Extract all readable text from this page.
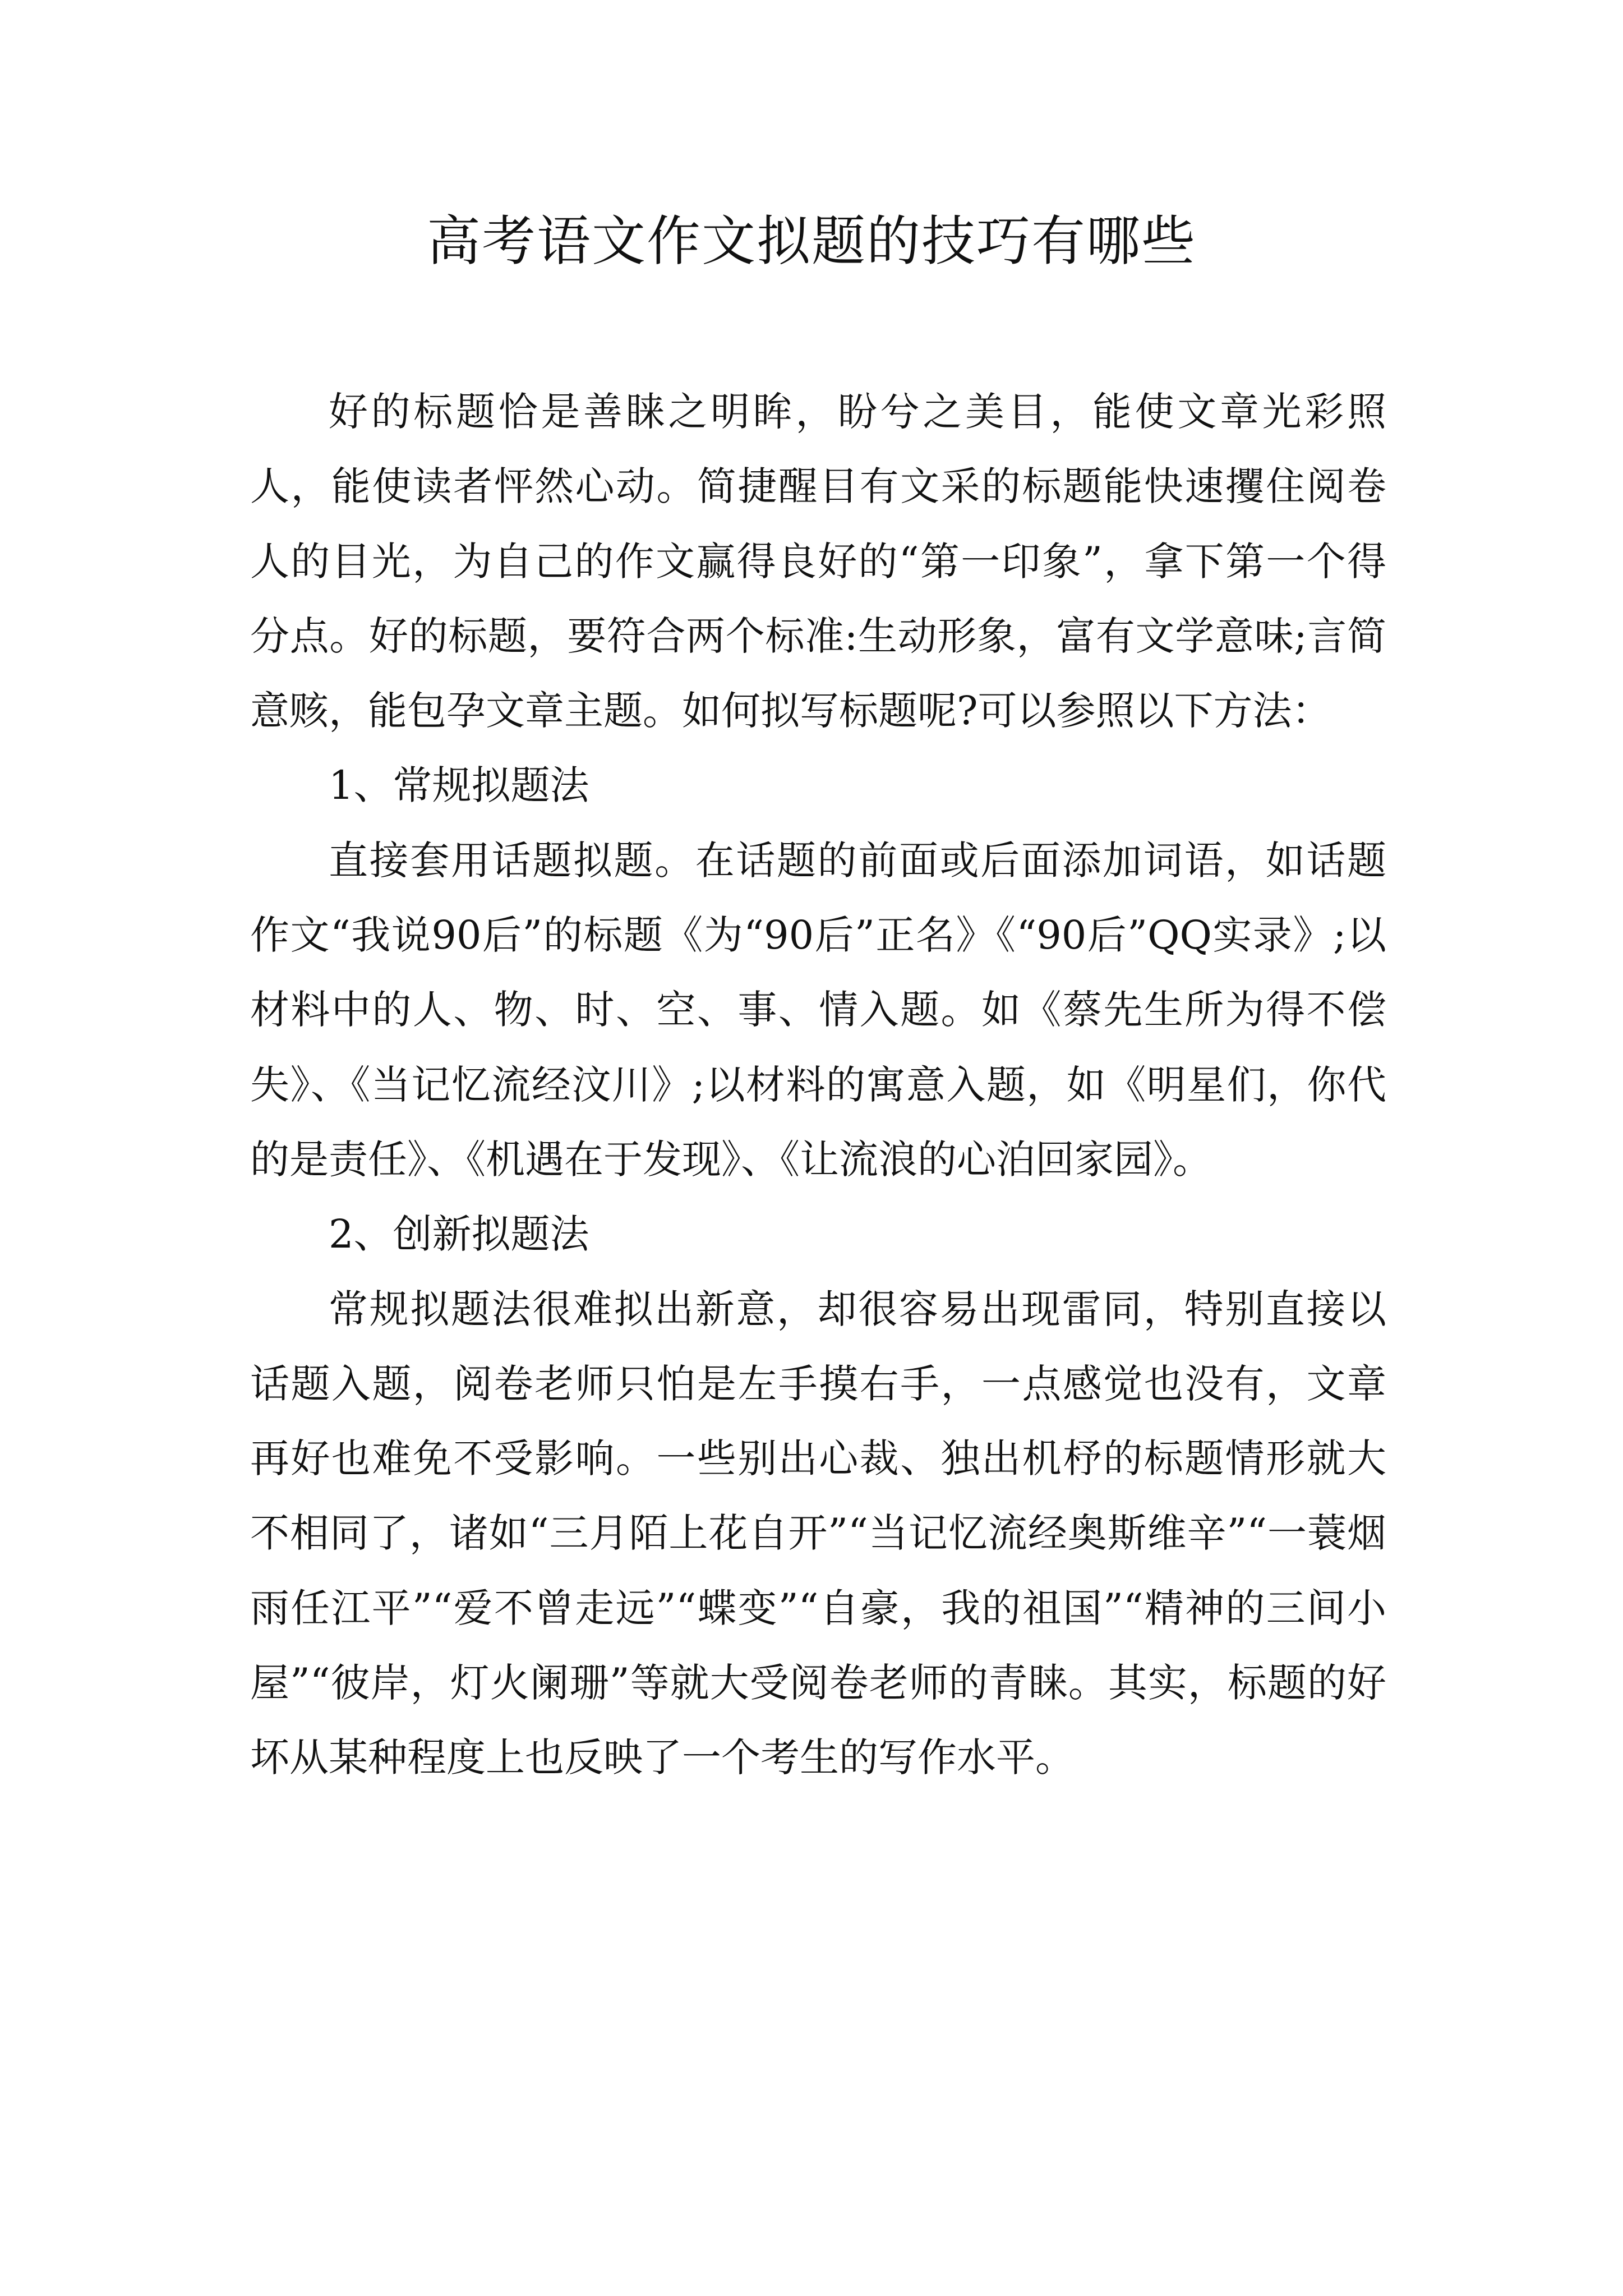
高考语文作文拟题的技巧有哪些

好的标题恰是善睐之明眸，盼兮之美目，能使文章光彩照人，能使读者怦然心动。简捷醒目有文采的标题能快速攫住阅卷人的目光，为自己的作文赢得良好的“第一印象”，拿下第一个得分点。好的标题，要符合两个标准:生动形象，富有文学意味;言简意赅，能包孕文章主题。如何拟写标题呢?可以参照以下方法：

1、常规拟题法

直接套用话题拟题。在话题的前面或后面添加词语，如话题作文“我说90后”的标题《为“90后”正名》《“90后”QQ实录》;以材料中的人、物、时、空、事、情入题。如《蔡先生所为得不偿失》、《当记忆流经汶川》;以材料的寓意入题，如《明星们，你代的是责任》、《机遇在于发现》、《让流浪的心泊回家园》。

2、创新拟题法

常规拟题法很难拟出新意，却很容易出现雷同，特别直接以话题入题，阅卷老师只怕是左手摸右手，一点感觉也没有，文章再好也难免不受影响。一些别出心裁、独出机杼的标题情形就大不相同了，诸如“三月陌上花自开”“当记忆流经奥斯维辛”“一蓑烟雨任江平”“爱不曾走远”“蝶变”“自豪，我的祖国”“精神的三间小屋”“彼岸，灯火阑珊”等就大受阅卷老师的青睐。其实，标题的好坏从某种程度上也反映了一个考生的写作水平。
